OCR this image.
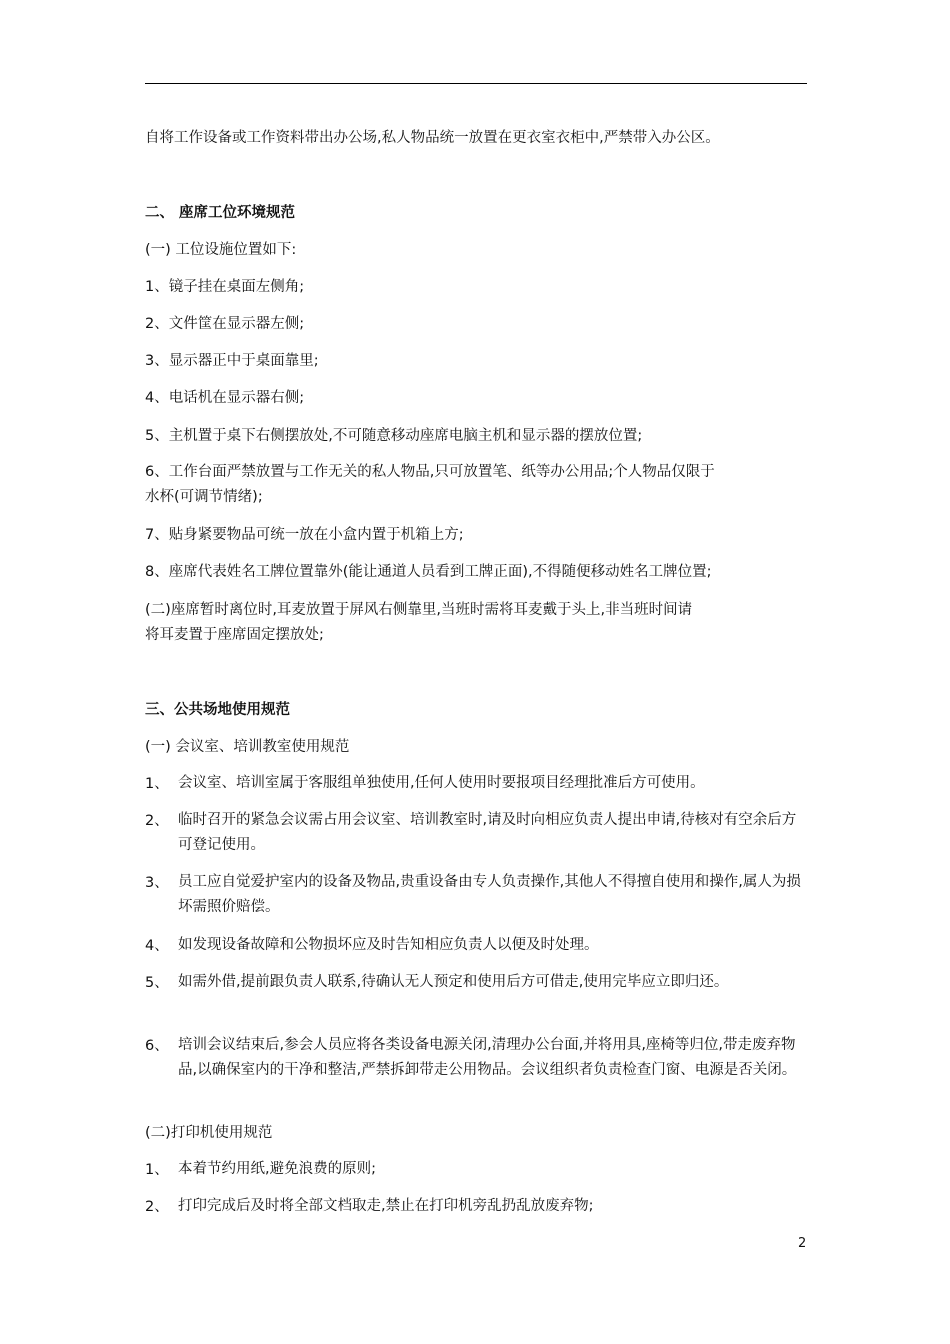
自将工作设备或工作资料带出办公场,私人物品统一放置在更衣室衣柜中,严禁带入办公区。
二、 座席工位环境规范
(一) 工位设施位置如下:
1、镜子挂在桌面左侧角;
2、文件筐在显示器左侧;
3、显示器正中于桌面靠里;
4、电话机在显示器右侧;
5、主机置于桌下右侧摆放处,不可随意移动座席电脑主机和显示器的摆放位置;
6、工作台面严禁放置与工作无关的私人物品,只可放置笔、纸等办公用品;个人物品仅限于
水杯(可调节情绪);
7、贴身紧要物品可统一放在小盒内置于机箱上方;
8、座席代表姓名工牌位置靠外(能让通道人员看到工牌正面),不得随便移动姓名工牌位置;
(二)座席暂时离位时,耳麦放置于屏风右侧靠里,当班时需将耳麦戴于头上,非当班时间请
将耳麦置于座席固定摆放处;
三、公共场地使用规范
(一) 会议室、培训教室使用规范
1、 会议室、培训室属于客服组单独使用,任何人使用时要报项目经理批准后方可使用。
2、 临时召开的紧急会议需占用会议室、培训教室时,请及时向相应负责人提出申请,待核对有空余后方可登记使用。
3、 员工应自觉爱护室内的设备及物品,贵重设备由专人负责操作,其他人不得擅自使用和操作,属人为损坏需照价赔偿。
4、 如发现设备故障和公物损坏应及时告知相应负责人以便及时处理。
5、 如需外借,提前跟负责人联系,待确认无人预定和使用后方可借走,使用完毕应立即归还。
6、 培训会议结束后,参会人员应将各类设备电源关闭,清理办公台面,并将用具,座椅等归位,带走废弃物品,以确保室内的干净和整洁,严禁拆卸带走公用物品。会议组织者负责检查门窗、电源是否关闭。
(二)打印机使用规范
1、 本着节约用纸,避免浪费的原则;
2、 打印完成后及时将全部文档取走,禁止在打印机旁乱扔乱放废弃物;
2
